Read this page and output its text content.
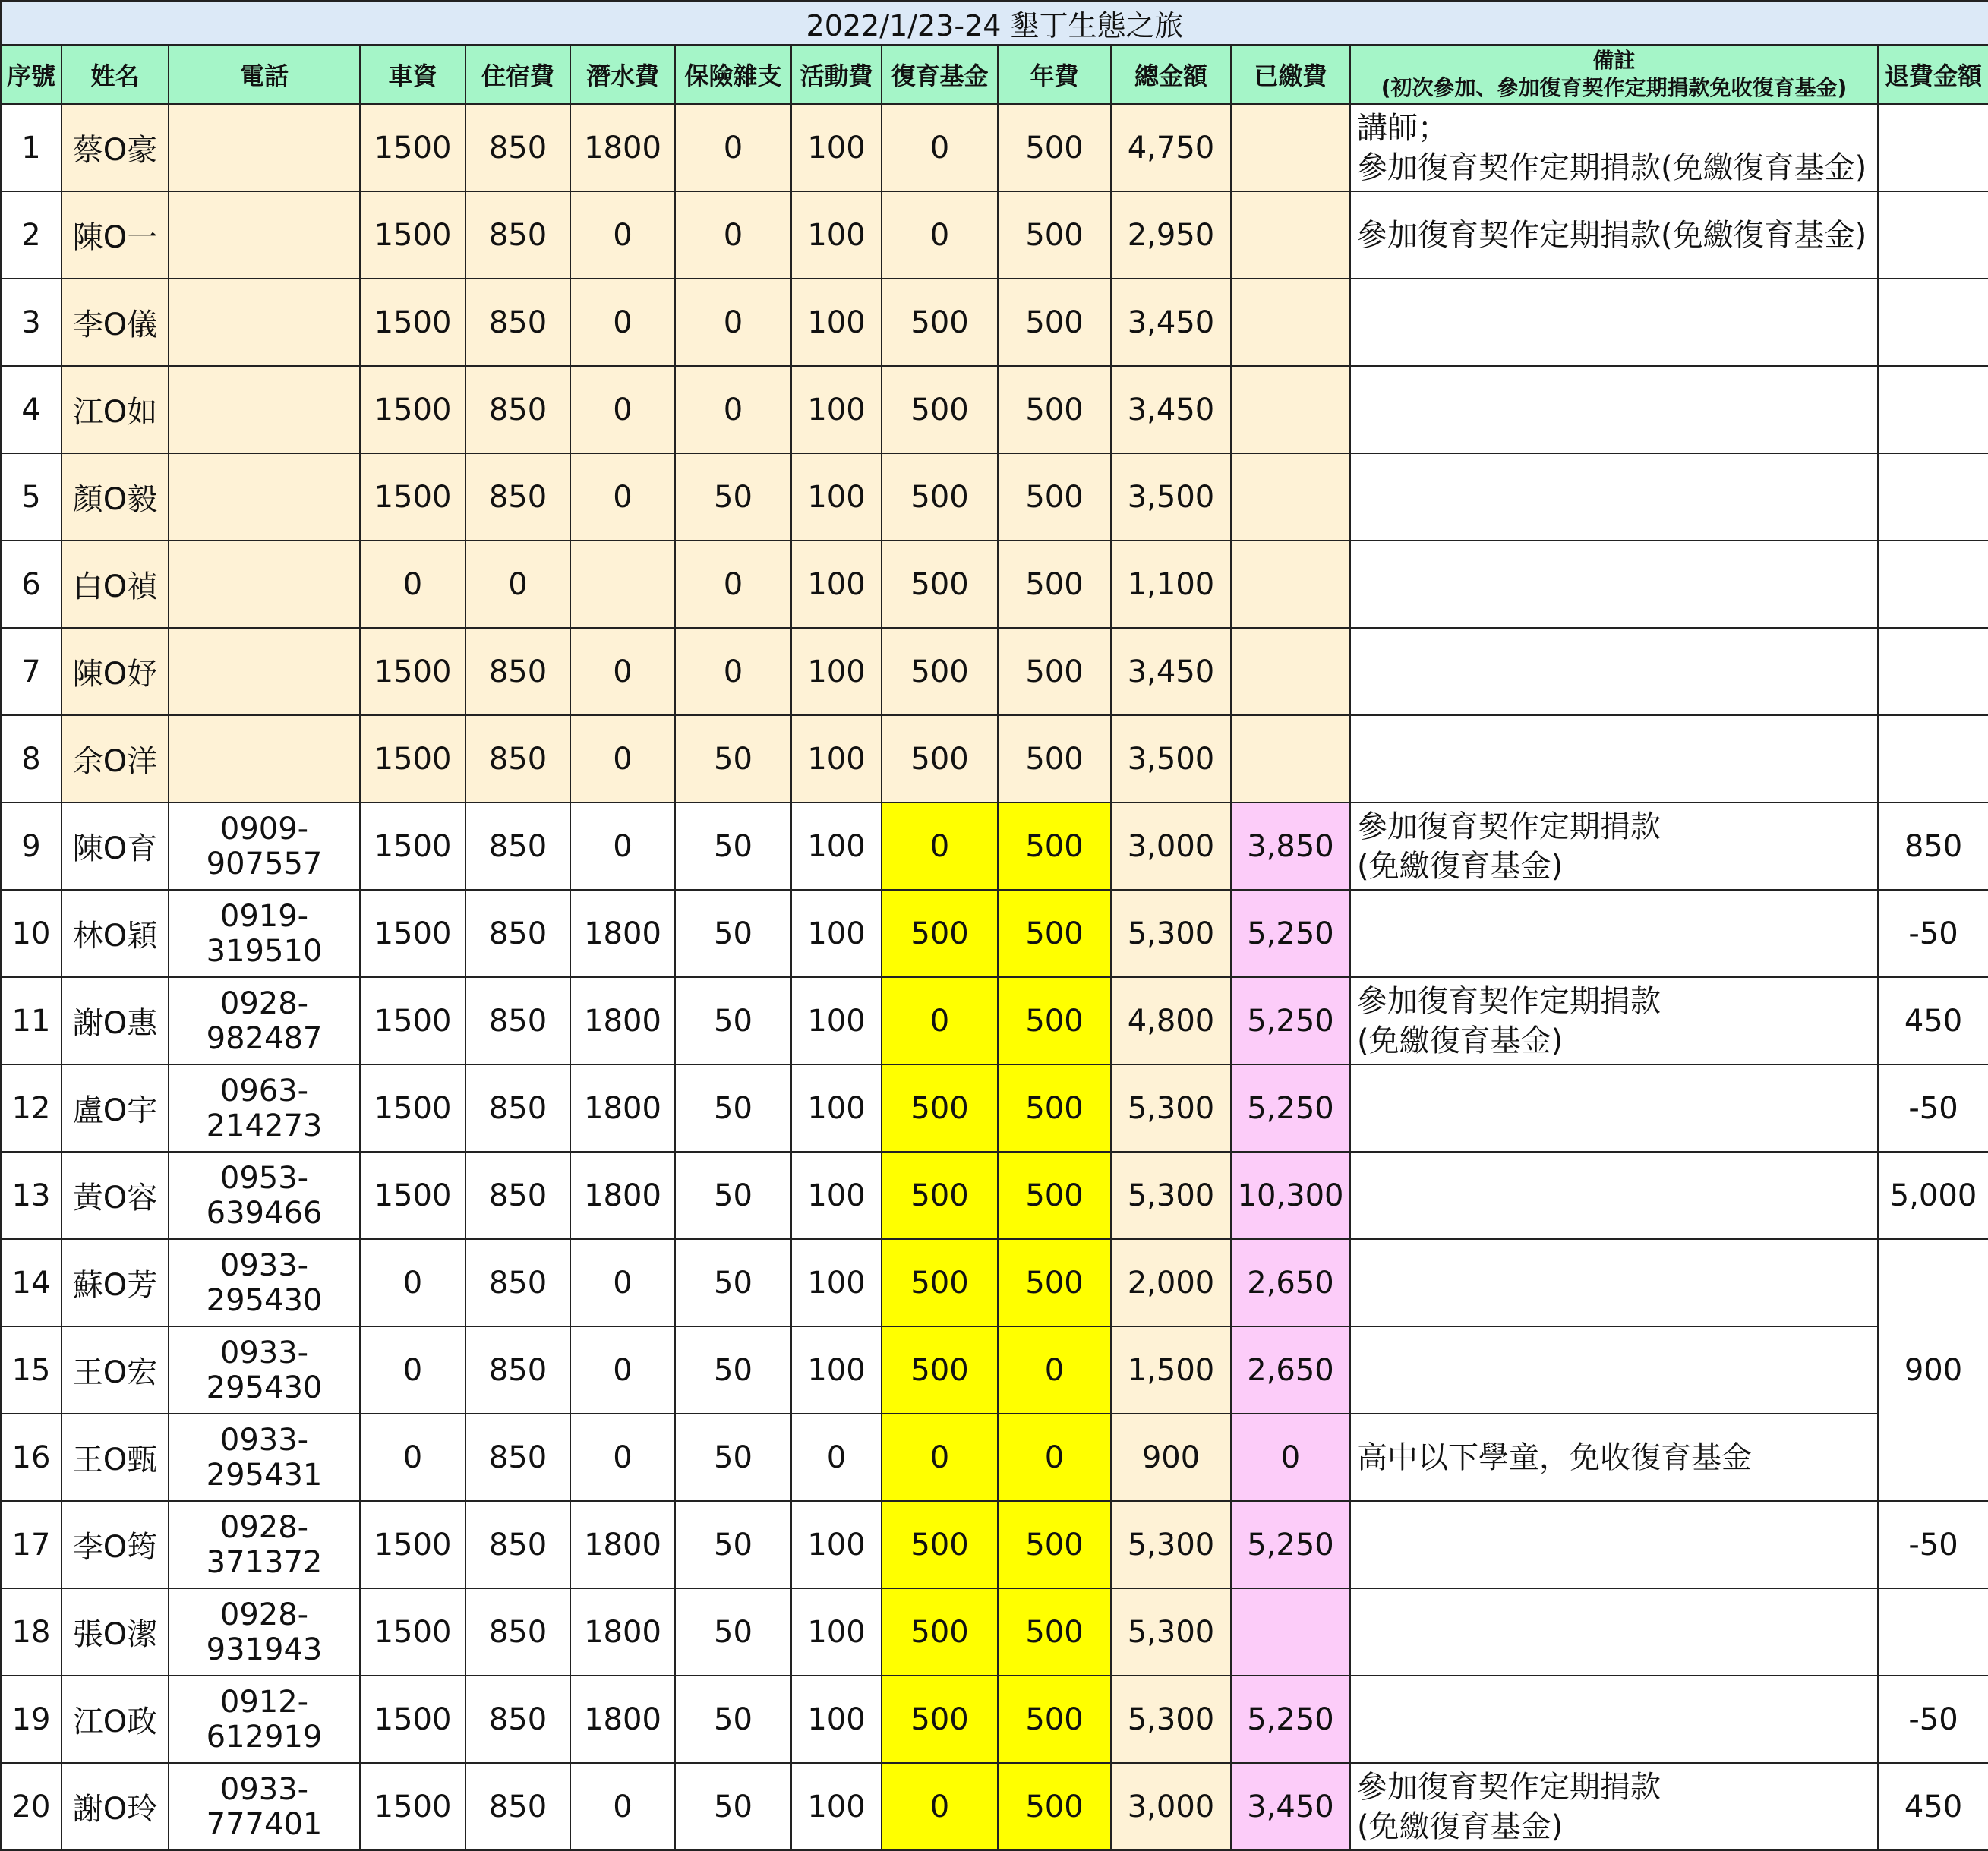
2022/1/23-24 墾丁生態之旅													
序號	姓名	電話	車資	住宿費	潛水費	保險雜支	活動費	復育基金	年費	總金額	已繳費	備註
(初次參加、參加復育契作定期捐款免收復育基金)	退費金額
1	蔡O豪		1500	850	1800	0	100	0	500	4,750		講師；
參加復育契作定期捐款(免繳復育基金)	

2	陳O一		1500	850	0	0	100	0	500	2,950		參加復育契作定期捐款(免繳復育基金)	

3	李O儀		1500	850	0	0	100	500	500	3,450		

4	江O如		1500	850	0	0	100	500	500	3,450		

5	顏O毅		1500	850	0	50	100	500	500	3,500		

6	白O禎		0	0		0	100	500	500	1,100		

7	陳O妤		1500	850	0	0	100	500	500	3,450		

8	余O洋		1500	850	0	50	100	500	500	3,500		

9	陳O育	0909-907557	1500	850	0	50	100	0	500	3,000	3,850	參加復育契作定期捐款
(免繳復育基金)	850
10	林O穎	0919-319510	1500	850	1800	50	100	500	500	5,300	5,250		-50
11	謝O惠	0928-982487	1500	850	1800	50	100	0	500	4,800	5,250	參加復育契作定期捐款
(免繳復育基金)	450
12	盧O宇	0963-214273	1500	850	1800	50	100	500	500	5,300	5,250		-50
13	黃O容	0953-639466	1500	850	1800	50	100	500	500	5,300	10,300		5,000
14	蘇O芳	0933-295430	0	850	0	50	100	500	500	2,000	2,650		900
15	王O宏	0933-295430	0	850	0	50	100	500	0	1,500	2,650		

16	王O甄	0933-295431	0	850	0	50	0	0	0	900	0	高中以下學童，免收復育基金	

17	李O筠	0928-371372	1500	850	1800	50	100	500	500	5,300	5,250		-50
18	張O潔	0928-931943	1500	850	1800	50	100	500	500	5,300		

19	江O政	0912-612919	1500	850	1800	50	100	500	500	5,300	5,250		-50
20	謝O玲	0933-777401	1500	850	0	50	100	0	500	3,000	3,450	參加復育契作定期捐款
(免繳復育基金)	450
